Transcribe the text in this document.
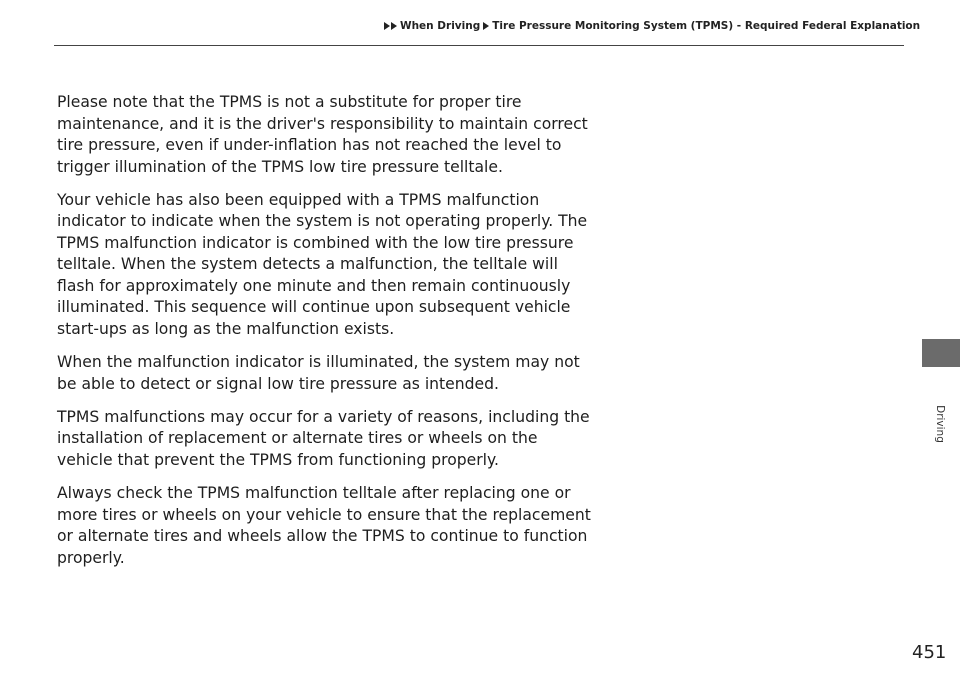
When Driving Tire Pressure Monitoring System (TPMS) - Required Federal Explanation

Please note that the TPMS is not a substitute for proper tire maintenance, and it is the driver's responsibility to maintain correct tire pressure, even if under-inflation has not reached the level to trigger illumination of the TPMS low tire pressure telltale.

Your vehicle has also been equipped with a TPMS malfunction indicator to indicate when the system is not operating properly. The TPMS malfunction indicator is combined with the low tire pressure telltale. When the system detects a malfunction, the telltale will flash for approximately one minute and then remain continuously illuminated. This sequence will continue upon subsequent vehicle start-ups as long as the malfunction exists.

When the malfunction indicator is illuminated, the system may not be able to detect or signal low tire pressure as intended.

TPMS malfunctions may occur for a variety of reasons, including the installation of replacement or alternate tires or wheels on the vehicle that prevent the TPMS from functioning properly.

Always check the TPMS malfunction telltale after replacing one or more tires or wheels on your vehicle to ensure that the replacement or alternate tires and wheels allow the TPMS to continue to function properly.

Driving
451
